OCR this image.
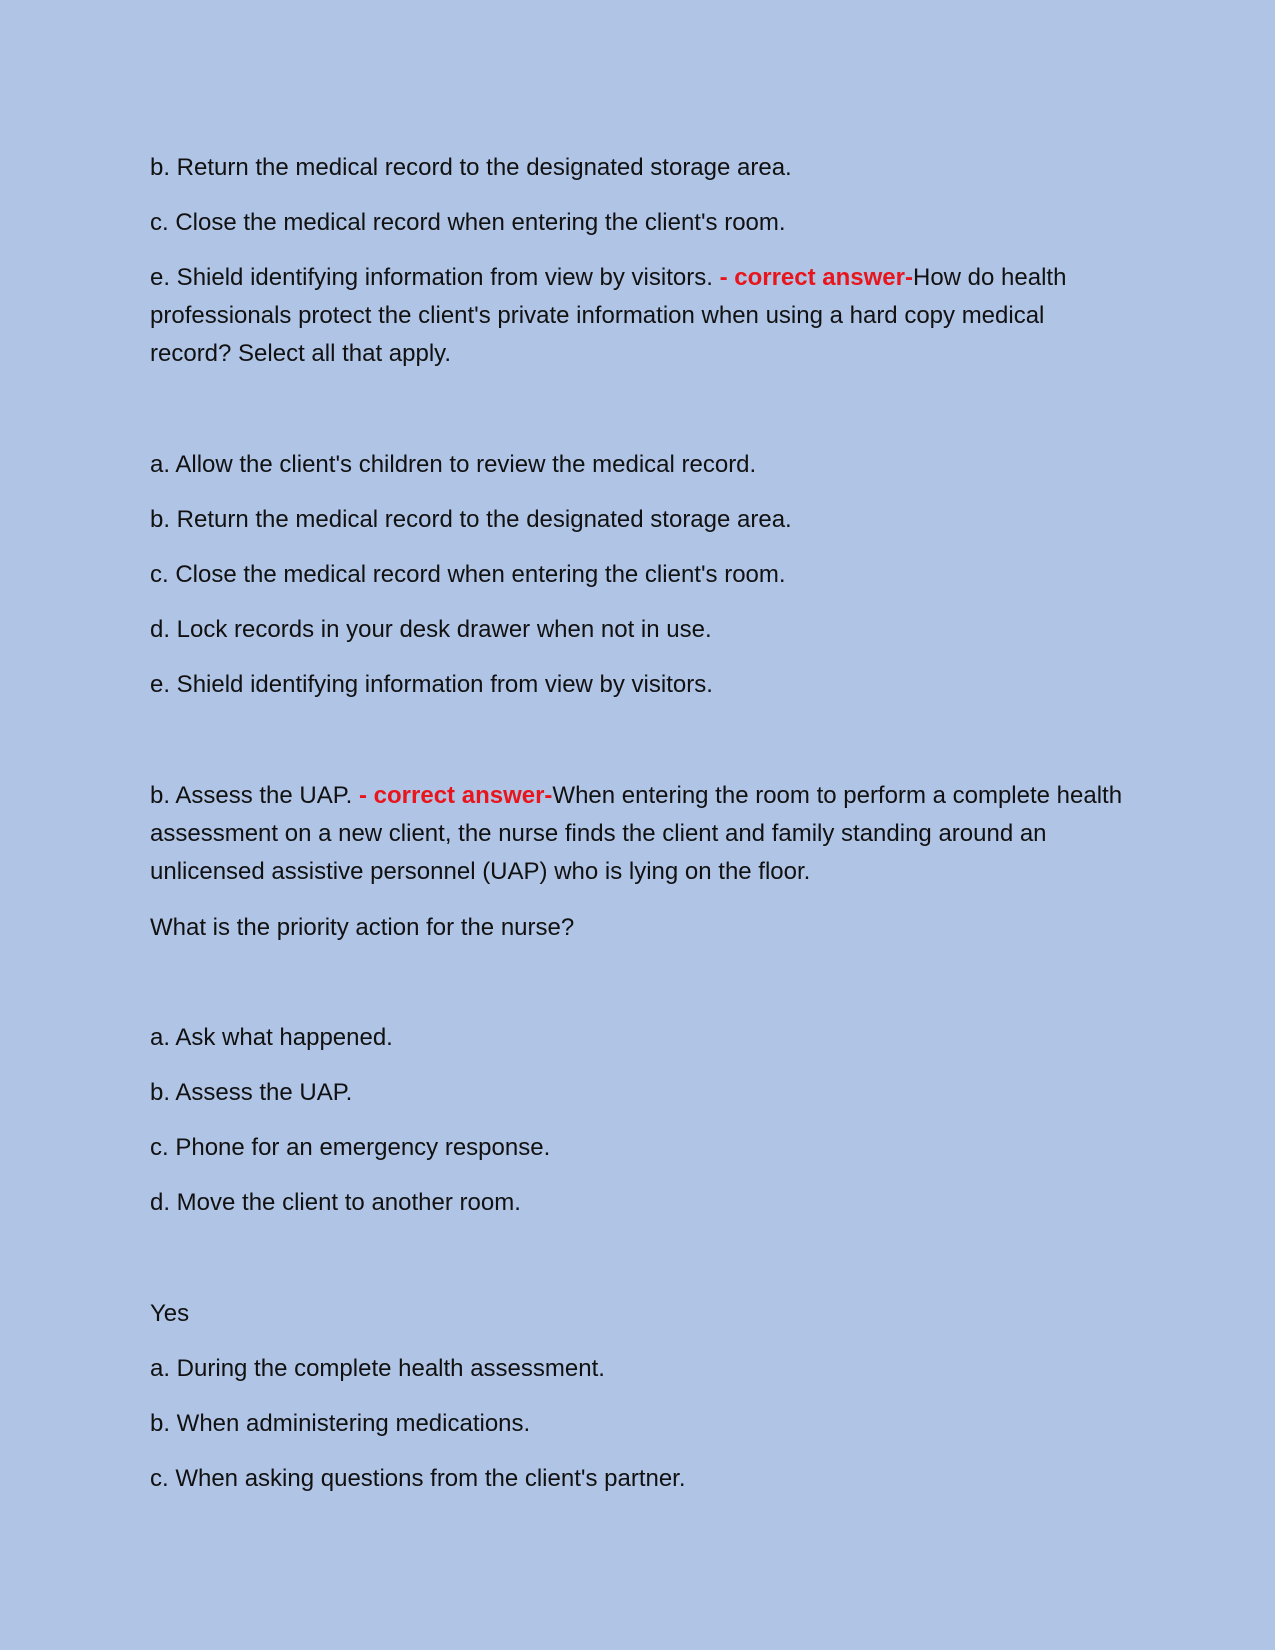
b. Return the medical record to the designated storage area.

c. Close the medical record when entering the client's room.

e. Shield identifying information from view by visitors. - correct answer-How do health professionals protect the client's private information when using a hard copy medical record? Select all that apply.

a. Allow the client's children to review the medical record.

b. Return the medical record to the designated storage area.

c. Close the medical record when entering the client's room.

d. Lock records in your desk drawer when not in use.

e. Shield identifying information from view by visitors.

b. Assess the UAP. - correct answer-When entering the room to perform a complete health assessment on a new client, the nurse finds the client and family standing around an unlicensed assistive personnel (UAP) who is lying on the floor.

What is the priority action for the nurse?

a. Ask what happened.

b. Assess the UAP.

c. Phone for an emergency response.

d. Move the client to another room.

Yes

a. During the complete health assessment.

b. When administering medications.

c. When asking questions from the client's partner.
